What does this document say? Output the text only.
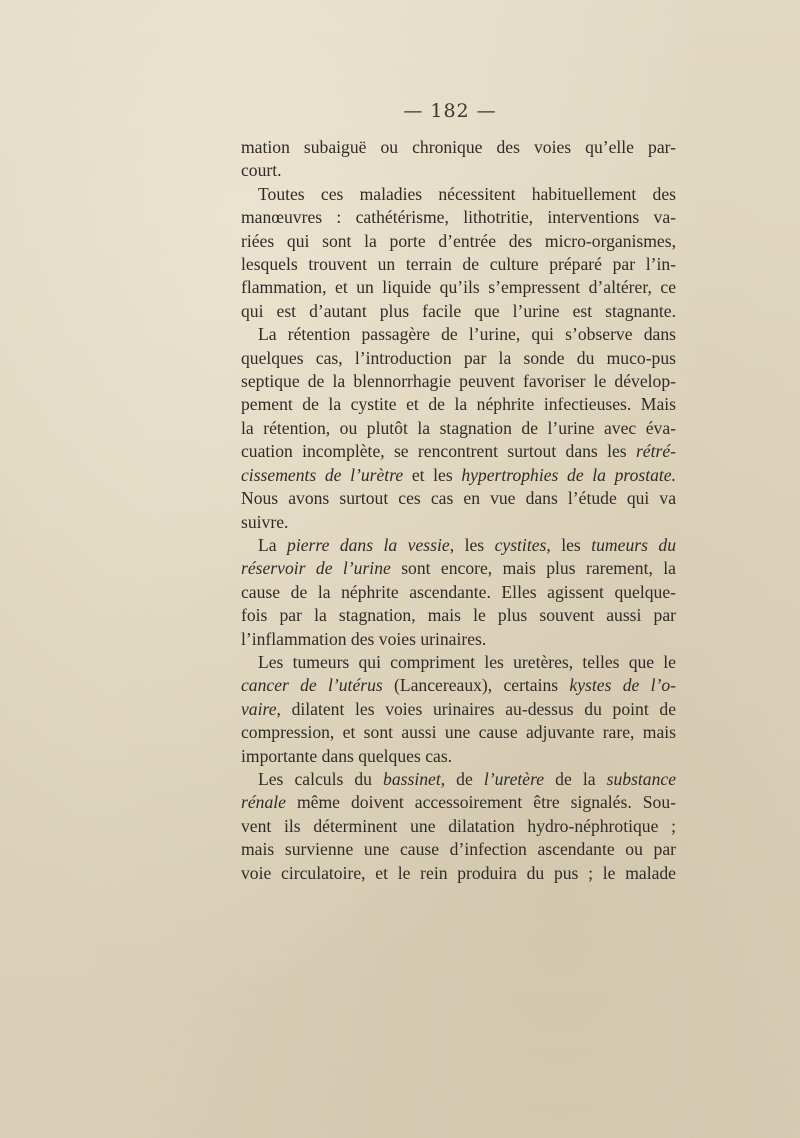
— 182 —
mation subaiguë ou chronique des voies qu’elle par-
court.
Toutes ces maladies nécessitent habituellement des
manœuvres : cathétérisme, lithotritie, interventions va-
riées qui sont la porte d’entrée des micro-organismes,
lesquels trouvent un terrain de culture préparé par l’in-
flammation, et un liquide qu’ils s’empressent d’altérer, ce
qui est d’autant plus facile que l’urine est stagnante.
La rétention passagère de l’urine, qui s’observe dans
quelques cas, l’introduction par la sonde du muco-pus
septique de la blennorrhagie peuvent favoriser le dévelop-
pement de la cystite et de la néphrite infectieuses. Mais
la rétention, ou plutôt la stagnation de l’urine avec éva-
cuation incomplète, se rencontrent surtout dans les rétré-
cissements de l’urètre et les hypertrophies de la prostate.
Nous avons surtout ces cas en vue dans l’étude qui va
suivre.
La pierre dans la vessie, les cystites, les tumeurs du
réservoir de l’urine sont encore, mais plus rarement, la
cause de la néphrite ascendante. Elles agissent quelque-
fois par la stagnation, mais le plus souvent aussi par
l’inflammation des voies urinaires.
Les tumeurs qui compriment les uretères, telles que le
cancer de l’utérus (Lancereaux), certains kystes de l’o-
vaire, dilatent les voies urinaires au-dessus du point de
compression, et sont aussi une cause adjuvante rare, mais
importante dans quelques cas.
Les calculs du bassinet, de l’uretère de la substance
rénale même doivent accessoirement être signalés. Sou-
vent ils déterminent une dilatation hydro-néphrotique ;
mais survienne une cause d’infection ascendante ou par
voie circulatoire, et le rein produira du pus ; le malade
